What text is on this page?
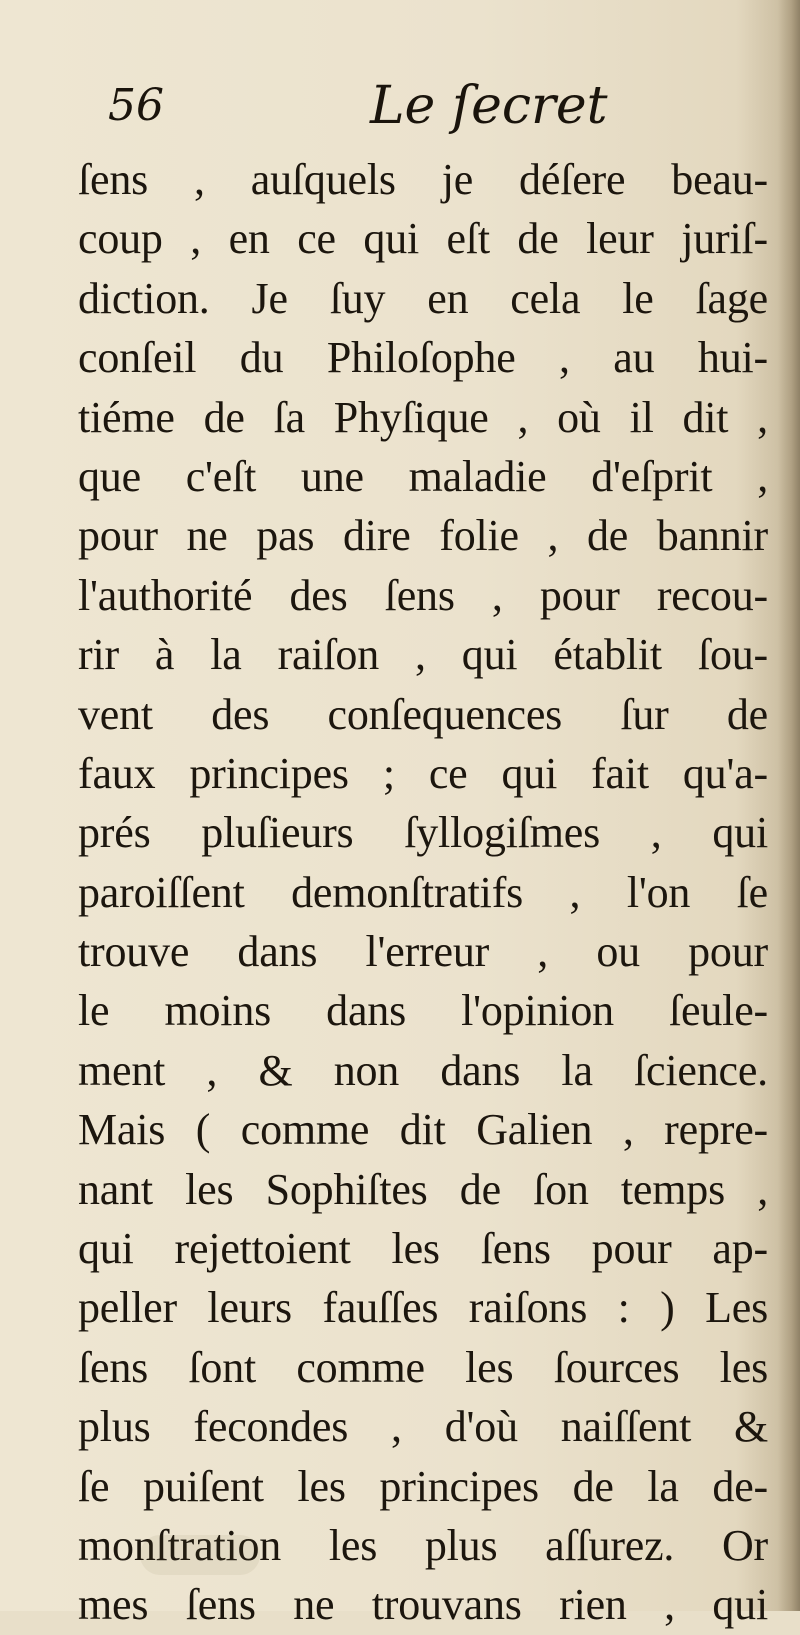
56	Le ſecret
ſens , auſquels je déſere beau-
coup , en ce qui eſt de leur juriſ-
diction. Je ſuy en cela le ſage
conſeil du Philoſophe , au hui-
tiéme de ſa Phyſique , où il dit ,
que c'eſt une maladie d'eſprit ,
pour ne pas dire folie , de bannir
l'authorité des ſens , pour recou-
rir à la raiſon , qui établit ſou-
vent des conſequences ſur de
faux principes ; ce qui fait qu'a-
prés pluſieurs ſyllogiſmes , qui
paroiſſent demonſtratifs , l'on ſe
trouve dans l'erreur , ou pour
le moins dans l'opinion ſeule-
ment , & non dans la ſcience.
Mais ( comme dit Galien , repre-
nant les Sophiſtes de ſon temps ,
qui rejettoient les ſens pour ap-
peller leurs fauſſes raiſons : ) Les
ſens ſont comme les ſources les
plus fecondes , d'où naiſſent &
ſe puiſent les principes de la de-
monſtration les plus aſſurez. Or
mes ſens ne trouvans rien , qui
